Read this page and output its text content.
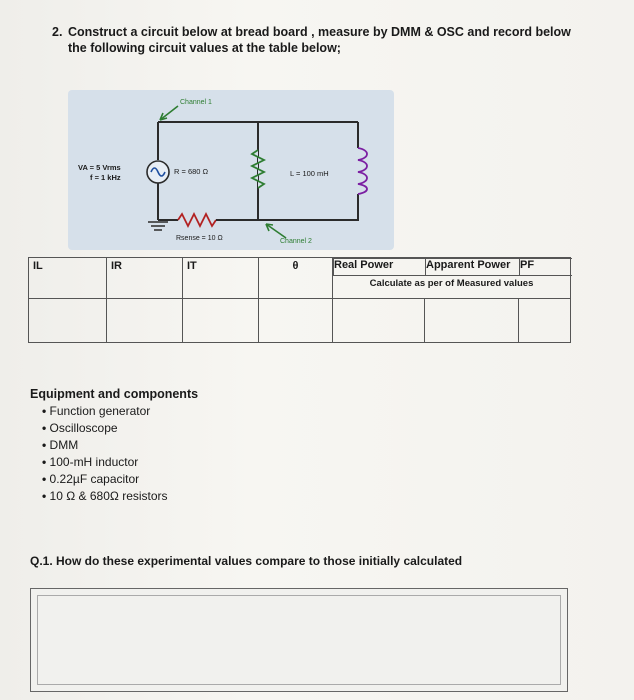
2. Construct a circuit below at bread board , measure by DMM & OSC and record below
the following circuit values at the table below;
Channel 1
Channel 2
VA = 5 Vrms
f = 1 kHz
R = 680 Ω	L = 100 mH
Rsense = 10 Ω
IL	IR	IT	θ		Real Power	Apparent Power	PF
Calculate as per of Measured values

Equipment and components
• Function generator
• Oscilloscope
• DMM
• 100-mH inductor
• 0.22µF capacitor
• 10 Ω & 680Ω resistors
Q.1. How do these experimental values compare to those initially calculated
